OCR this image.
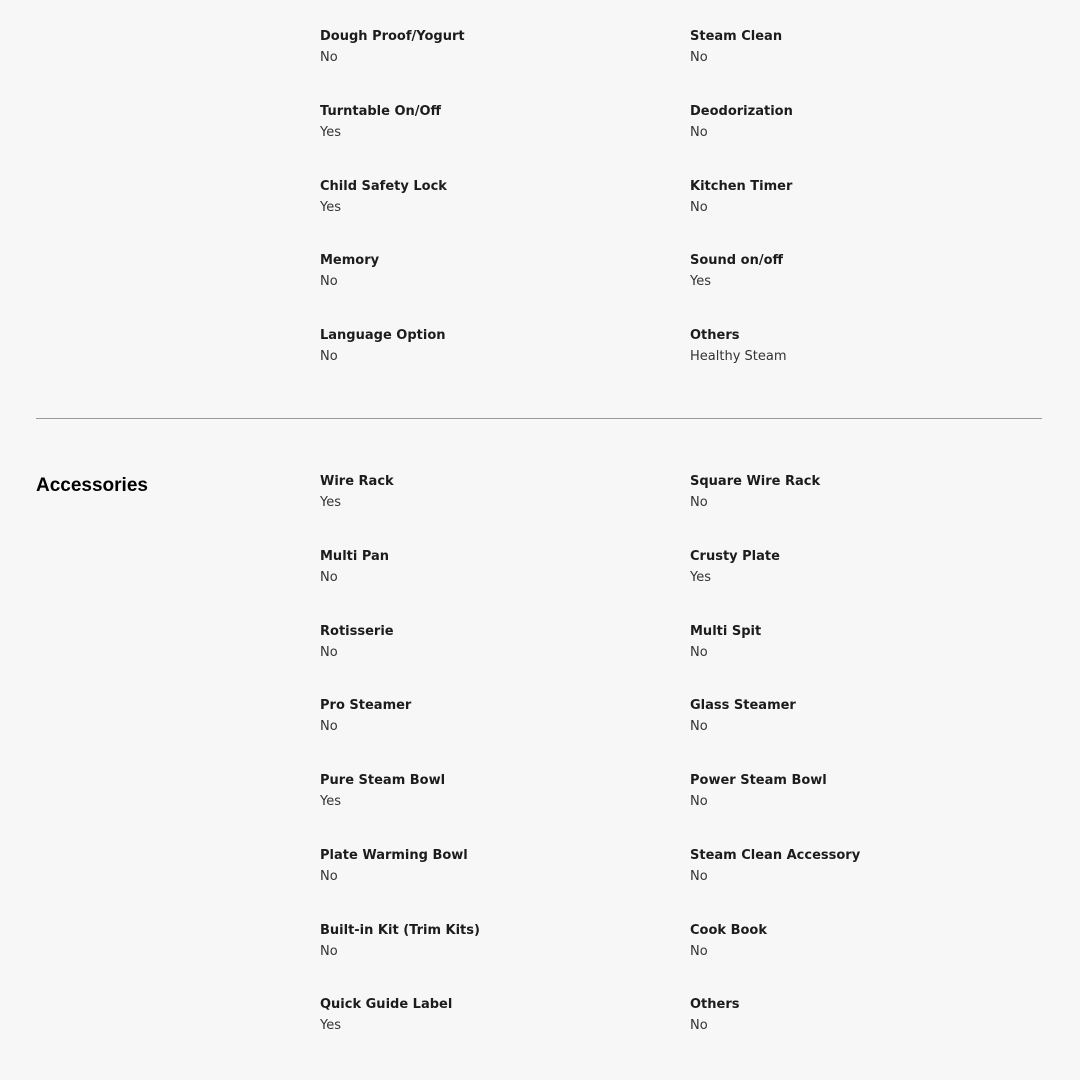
Dough Proof/Yogurt
No
Steam Clean
No
Turntable On/Off
Yes
Deodorization
No
Child Safety Lock
Yes
Kitchen Timer
No
Memory
No
Sound on/off
Yes
Language Option
No
Others
Healthy Steam
Accessories	Wire Rack
Yes
Square Wire Rack
No
Multi Pan
No
Crusty Plate
Yes
Rotisserie
No
Multi Spit
No
Pro Steamer
No
Glass Steamer
No
Pure Steam Bowl
Yes
Power Steam Bowl
No
Plate Warming Bowl
No
Steam Clean Accessory
No
Built-in Kit (Trim Kits)
No
Cook Book
No
Quick Guide Label
Yes
Others
No
